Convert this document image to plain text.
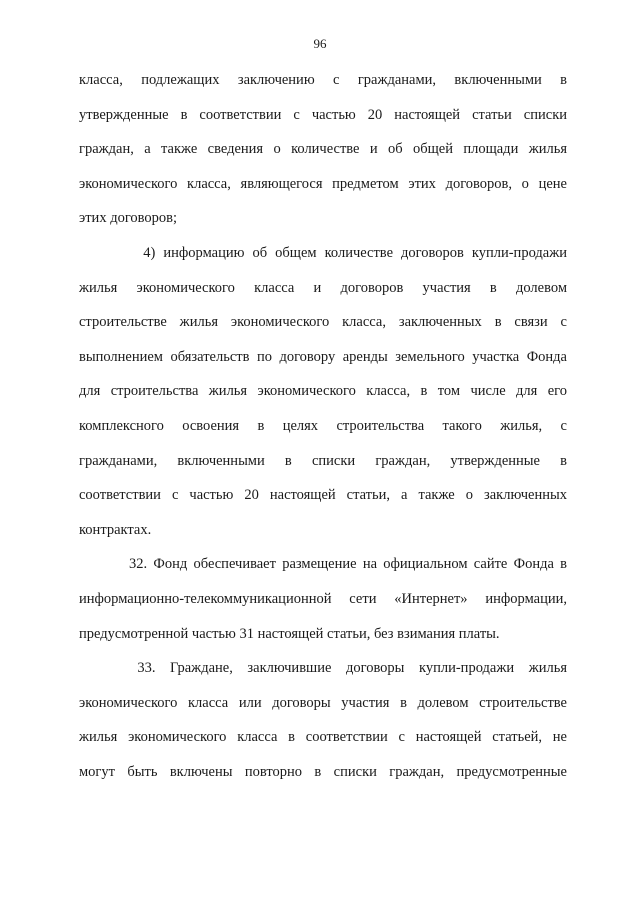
96

класса, подлежащих заключению с гражданами, включенными в
утвержденные в соответствии с частью 20 настоящей статьи списки
граждан, а также сведения о количестве и об общей площади жилья
экономического класса, являющегося предметом этих договоров, о цене
этих договоров;

4) информацию об общем количестве договоров купли-продажи
жилья экономического класса и договоров участия в долевом
строительстве жилья экономического класса, заключенных в связи с
выполнением обязательств по договору аренды земельного участка Фонда
для строительства жилья экономического класса, в том числе для его
комплексного освоения в целях строительства такого жилья, с
гражданами, включенными в списки граждан, утвержденные в
соответствии с частью 20 настоящей статьи, а также о заключенных
контрактах.

32. Фонд обеспечивает размещение на официальном сайте Фонда в
информационно-телекоммуникационной сети «Интернет» информации,
предусмотренной частью 31 настоящей статьи, без взимания платы.

33.  Граждане,  заключившие  договоры  купли-продажи  жилья
экономического класса или договоры участия в долевом строительстве
жилья экономического класса в соответствии с настоящей статьей, не
могут быть включены повторно в списки граждан, предусмотренные
